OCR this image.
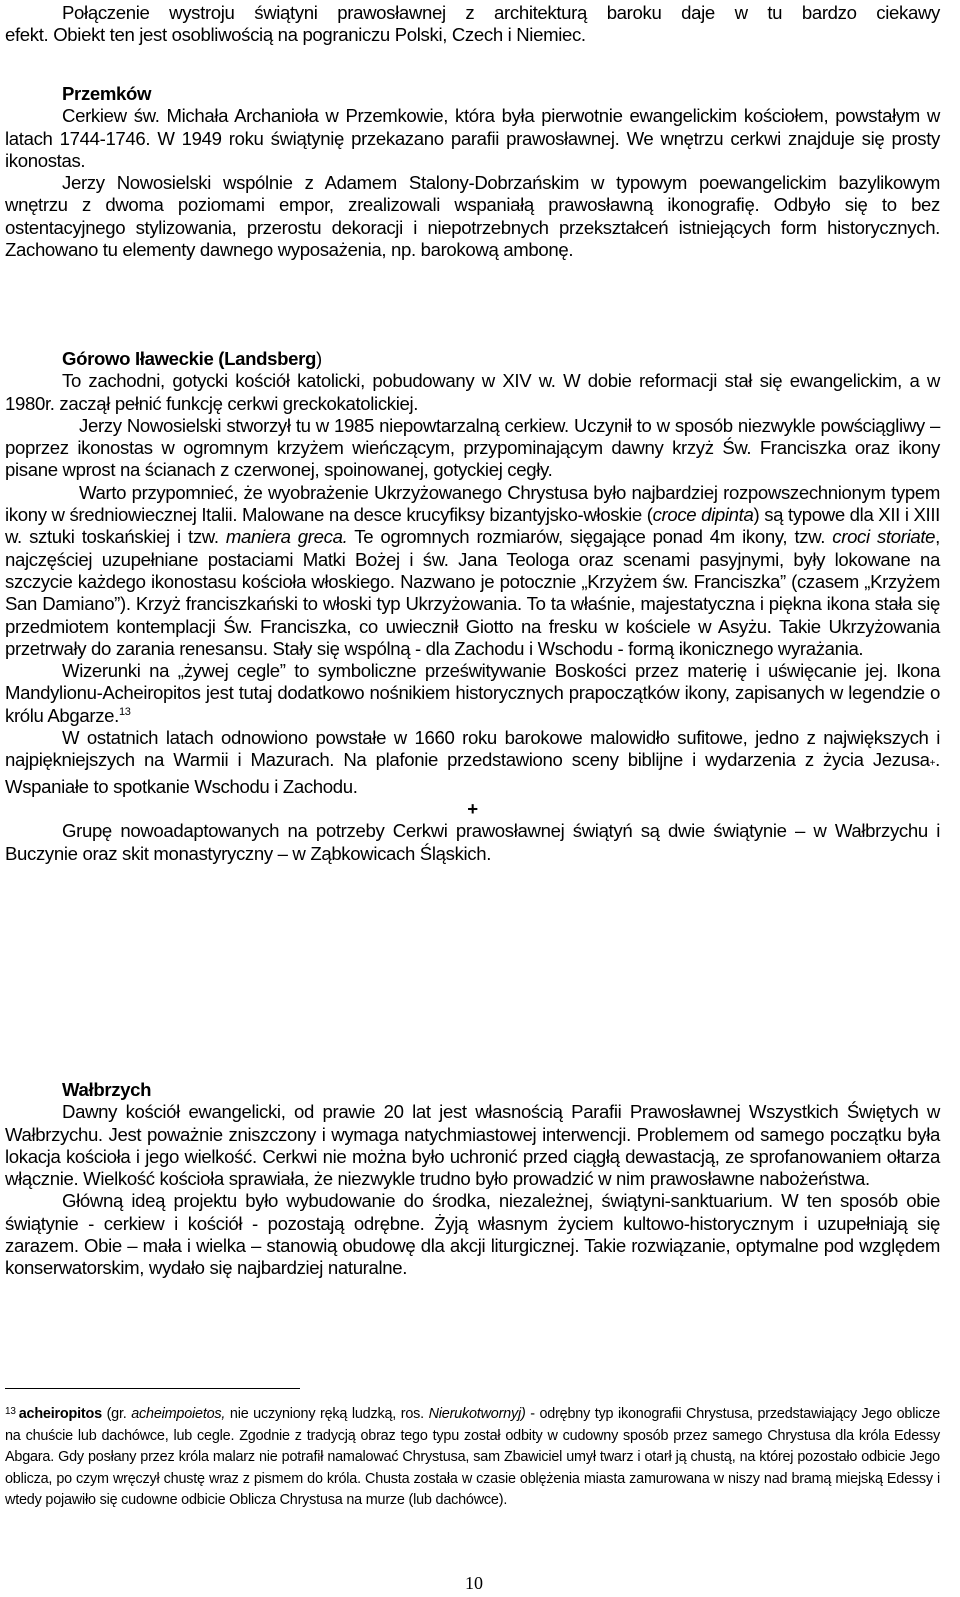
Połączenie wystroju świątyni prawosławnej z architekturą baroku daje w tu bardzo ciekawy

efekt. Obiekt ten jest osobliwością na pograniczu Polski, Czech i Niemiec.

Przemków

Cerkiew św. Michała Archanioła w Przemkowie, która była pierwotnie ewangelickim kościołem, powstałym w latach 1744-1746. W 1949 roku świątynię przekazano parafii prawosławnej. We wnętrzu cerkwi znajduje się prosty ikonostas.

Jerzy Nowosielski wspólnie z Adamem Stalony-Dobrzańskim w typowym poewangelickim bazylikowym wnętrzu z dwoma poziomami empor, zrealizowali wspaniałą prawosławną ikonografię. Odbyło się to bez ostentacyjnego stylizowania, przerostu dekoracji i niepotrzebnych przekształceń istniejących form historycznych. Zachowano tu elementy dawnego wyposażenia, np. barokową ambonę.

Górowo Iławeckie (Landsberg)

To zachodni, gotycki kościół katolicki, pobudowany w XIV w. W dobie reformacji stał się ewangelickim, a w 1980r. zaczął pełnić funkcję cerkwi greckokatolickiej.

Jerzy Nowosielski stworzył tu w 1985 niepowtarzalną cerkiew. Uczynił to w sposób niezwykle powściągliwy – poprzez ikonostas w ogromnym krzyżem wieńczącym, przypominającym dawny krzyż Św. Franciszka oraz ikony pisane wprost na ścianach z czerwonej, spoinowanej, gotyckiej cegły.

Warto przypomnieć, że wyobrażenie Ukrzyżowanego Chrystusa było najbardziej rozpowszechnionym typem ikony w średniowiecznej Italii. Malowane na desce krucyfiksy bizantyjsko-włoskie (croce dipinta) są typowe dla XII i XIII w. sztuki toskańskiej i tzw. maniera greca. Te ogromnych rozmiarów, sięgające ponad 4m ikony, tzw. croci storiate, najczęściej uzupełniane postaciami Matki Bożej i św. Jana Teologa oraz scenami pasyjnymi, były lokowane na szczycie każdego ikonostasu kościoła włoskiego. Nazwano je potocznie „Krzyżem św. Franciszka” (czasem „Krzyżem San Damiano”). Krzyż franciszkański to włoski typ Ukrzyżowania. To ta właśnie, majestatyczna i piękna ikona stała się przedmiotem kontemplacji Św. Franciszka, co uwiecznił Giotto na fresku w kościele w Asyżu. Takie Ukrzyżowania przetrwały do zarania renesansu. Stały się wspólną - dla Zachodu i Wschodu - formą ikonicznego wyrażania.

Wizerunki na „żywej cegle” to symboliczne prześwitywanie Boskości przez materię i uświęcanie jej. Ikona Mandylionu-Acheiropitos jest tutaj dodatkowo nośnikiem historycznych prapoczątków ikony, zapisanych w legendzie o królu Abgarze.$^{13}$

W ostatnich latach odnowiono powstałe w 1660 roku barokowe malowidło sufitowe, jedno z największych i najpiękniejszych na Warmii i Mazurach. Na plafonie przedstawiono sceny biblijne i wydarzenia z życia Jezusa+. Wspaniałe to spotkanie Wschodu i Zachodu.

+

Grupę nowoadaptowanych na potrzeby Cerkwi prawosławnej świątyń są dwie świątynie – w Wałbrzychu i Buczynie oraz skit monastyryczny – w Ząbkowicach Śląskich.

Wałbrzych

Dawny kościół ewangelicki, od prawie 20 lat jest własnością Parafii Prawosławnej Wszystkich Świętych w Wałbrzychu. Jest poważnie zniszczony i wymaga natychmiastowej interwencji. Problemem od samego początku była lokacja kościoła i jego wielkość. Cerkwi nie można było uchronić przed ciągłą dewastacją, ze sprofanowaniem ołtarza włącznie. Wielkość kościoła sprawiała, że niezwykle trudno było prowadzić w nim prawosławne nabożeństwa.

Główną ideą projektu było wybudowanie do środka, niezależnej, świątyni-sanktuarium. W ten sposób obie świątynie - cerkiew i kościół - pozostają odrębne. Żyją własnym życiem kultowo-historycznym i uzupełniają się zarazem. Obie – mała i wielka – stanowią obudowę dla akcji liturgicznej. Takie rozwiązanie, optymalne pod względem konserwatorskim, wydało się najbardziej naturalne.

$^{13}$ acheiropitos (gr. acheimpoietos, nie uczyniony ręką ludzką, ros. Nierukotwornyj) - odrębny typ ikonografii Chrystusa, przedstawiający Jego oblicze na chuście lub dachówce, lub cegle. Zgodnie z tradycją obraz tego typu został odbity w cudowny sposób przez samego Chrystusa dla króla Edessy Abgara. Gdy posłany przez króla malarz nie potrafił namalować Chrystusa, sam Zbawiciel umył twarz i otarł ją chustą, na której pozostało odbicie Jego oblicza, po czym wręczył chustę wraz z pismem do króla. Chusta została w czasie oblężenia miasta zamurowana w niszy nad bramą miejską Edessy i wtedy pojawiło się cudowne odbicie Oblicza Chrystusa na murze (lub dachówce).

10
